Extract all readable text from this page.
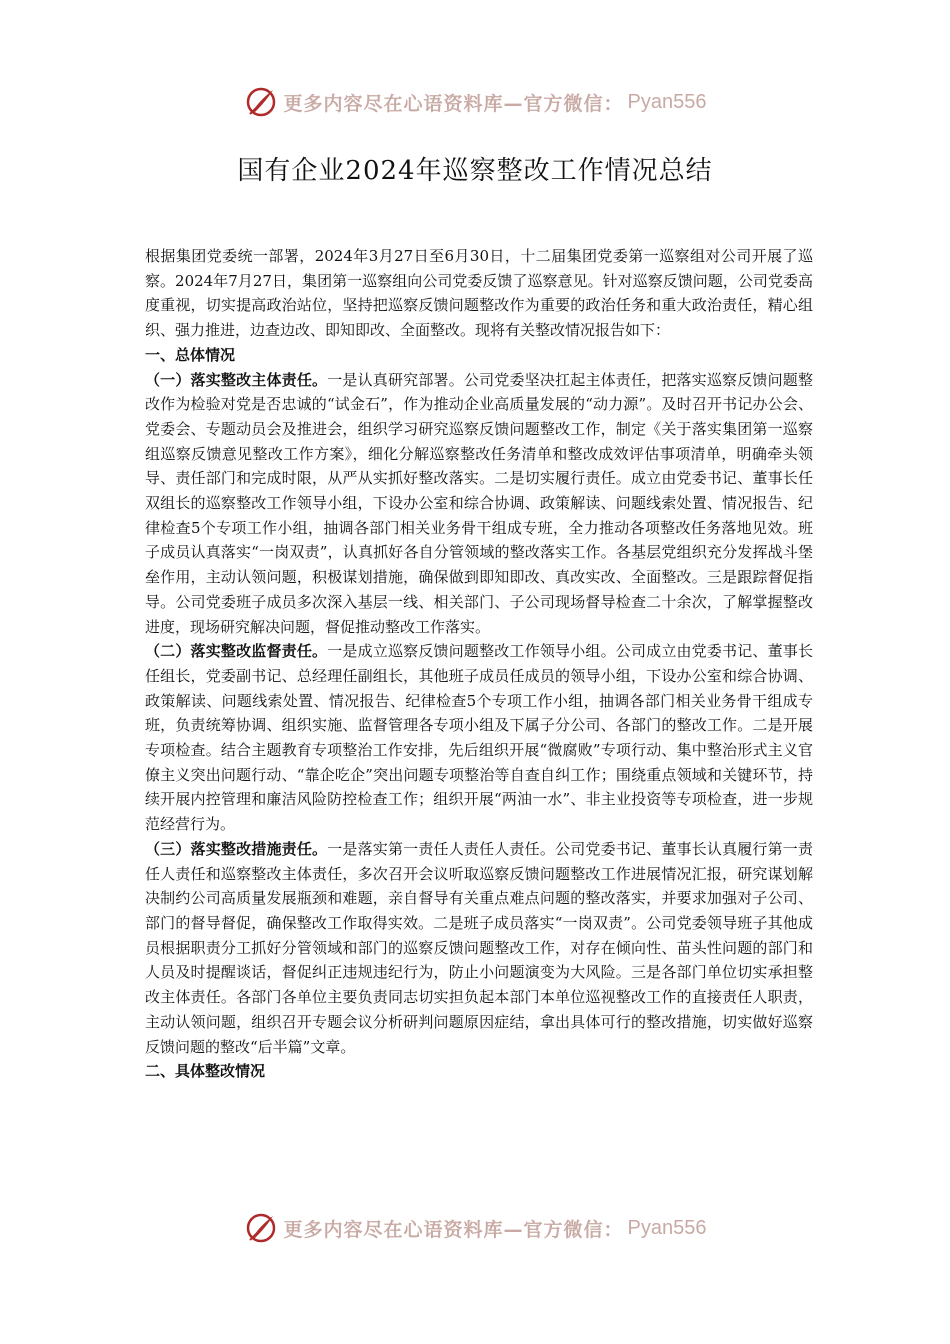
更多内容尽在心语资料库—官方微信： Pyan556
国有企业2024年巡察整改工作情况总结

根据集团党委统一部署，2024年3月27日至6月30日，十二届集团党委第一巡察组对公司开展了巡察。2024年7月27日，集团第一巡察组向公司党委反馈了巡察意见。针对巡察反馈问题，公司党委高度重视，切实提高政治站位，坚持把巡察反馈问题整改作为重要的政治任务和重大政治责任，精心组织、强力推进，边查边改、即知即改、全面整改。现将有关整改情况报告如下：

一、总体情况

（一）落实整改主体责任。一是认真研究部署。公司党委坚决扛起主体责任，把落实巡察反馈问题整改作为检验对党是否忠诚的“试金石”，作为推动企业高质量发展的“动力源”。及时召开书记办公会、党委会、专题动员会及推进会，组织学习研究巡察反馈问题整改工作，制定《关于落实集团第一巡察组巡察反馈意见整改工作方案》，细化分解巡察整改任务清单和整改成效评估事项清单，明确牵头领导、责任部门和完成时限，从严从实抓好整改落实。二是切实履行责任。成立由党委书记、董事长任双组长的巡察整改工作领导小组，下设办公室和综合协调、政策解读、问题线索处置、情况报告、纪律检查5个专项工作小组，抽调各部门相关业务骨干组成专班，全力推动各项整改任务落地见效。班子成员认真落实“一岗双责”，认真抓好各自分管领域的整改落实工作。各基层党组织充分发挥战斗堡垒作用，主动认领问题，积极谋划措施，确保做到即知即改、真改实改、全面整改。三是跟踪督促指导。公司党委班子成员多次深入基层一线、相关部门、子公司现场督导检查二十余次，了解掌握整改进度，现场研究解决问题，督促推动整改工作落实。

（二）落实整改监督责任。一是成立巡察反馈问题整改工作领导小组。公司成立由党委书记、董事长任组长，党委副书记、总经理任副组长，其他班子成员任成员的领导小组，下设办公室和综合协调、政策解读、问题线索处置、情况报告、纪律检查5个专项工作小组，抽调各部门相关业务骨干组成专班，负责统筹协调、组织实施、监督管理各专项小组及下属子分公司、各部门的整改工作。二是开展专项检查。结合主题教育专项整治工作安排，先后组织开展“微腐败”专项行动、集中整治形式主义官僚主义突出问题行动、“靠企吃企”突出问题专项整治等自查自纠工作；围绕重点领域和关键环节，持续开展内控管理和廉洁风险防控检查工作；组织开展“两油一水”、非主业投资等专项检查，进一步规范经营行为。

（三）落实整改措施责任。一是落实第一责任人责任人责任。公司党委书记、董事长认真履行第一责任人责任和巡察整改主体责任，多次召开会议听取巡察反馈问题整改工作进展情况汇报，研究谋划解决制约公司高质量发展瓶颈和难题，亲自督导有关重点难点问题的整改落实，并要求加强对子公司、部门的督导督促，确保整改工作取得实效。二是班子成员落实“一岗双责”。公司党委领导班子其他成员根据职责分工抓好分管领域和部门的巡察反馈问题整改工作，对存在倾向性、苗头性问题的部门和人员及时提醒谈话，督促纠正违规违纪行为，防止小问题演变为大风险。三是各部门单位切实承担整改主体责任。各部门各单位主要负责同志切实担负起本部门本单位巡视整改工作的直接责任人职责，主动认领问题，组织召开专题会议分析研判问题原因症结，拿出具体可行的整改措施，切实做好巡察反馈问题的整改“后半篇”文章。

二、具体整改情况

更多内容尽在心语资料库—官方微信： Pyan556
